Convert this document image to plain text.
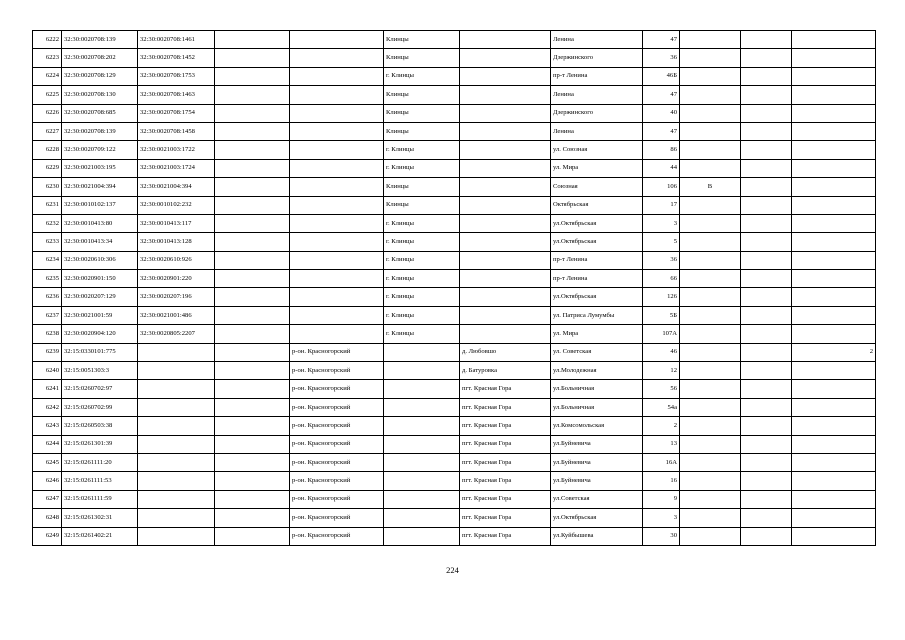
6222	32:30:0020708:139	32:30:0020708:1461			Клинцы		Ленина	47			
6223	32:30:0020708:202	32:30:0020708:1452			Клинцы		Дзержинского	36			
6224	32:30:0020708:129	32:30:0020708:1753			г. Клинцы		пр-т Ленина	46Б			
6225	32:30:0020708:130	32:30:0020708:1463			Клинцы		Ленина	47			
6226	32:30:0020708:685	32:30:0020708:1754			Клинцы		Дзержинского	40			
6227	32:30:0020708:139	32:30:0020708:1458			Клинцы		Ленина	47			
6228	32:30:0020709:122	32:30:0021003:1722			г. Клинцы		ул. Союзная	86			
6229	32:30:0021003:195	32:30:0021003:1724			г. Клинцы		ул. Мира	44			
6230	32:30:0021004:394	32:30:0021004:394			Клинцы		Союзная	106	В		
6231	32:30:0010102:137	32:30:0010102:232			Клинцы		Октябрьская	17			
6232	32:30:0010413:80	32:30:0010413:117			г. Клинцы		ул.Октябрьская	3			
6233	32:30:0010413:34	32:30:0010413:128			г. Клинцы		ул.Октябрьская	5			
6234	32:30:0020610:306	32:30:0020610:926			г. Клинцы		пр-т Ленина	36			
6235	32:30:0020901:150	32:30:0020901:220			г. Клинцы		пр-т Ленина	66			
6236	32:30:0020207:129	32:30:0020207:196			г. Клинцы		ул.Октябрьская	126			
6237	32:30:0021001:59	32:30:0021001:486			г. Клинцы		ул. Патриса Лумумбы	5Б			
6238	32:30:0020904:120	32:30:0020805:2207			г. Клинцы		ул. Мира	107А			
6239	32:15:0330101:775			р-он. Красногорский		д. Любовшо	ул. Советская	46			2
6240	32:15:0051303:3			р-он. Красногорский		д. Батуровка	ул.Молодежная	12			
6241	32:15:0260702:97			р-он. Красногорский		пгт. Красная Гора	ул.Больничная	56			
6242	32:15:0260702:99			р-он. Красногорский		пгт. Красная Гора	ул.Больничная	54а			
6243	32:15:0260503:38			р-он. Красногорский		пгт. Красная Гора	ул.Комсомольская	2			
6244	32:15:0261301:39			р-он. Красногорский		пгт. Красная Гора	ул.Буйневича	13			
6245	32:15:0261111:20			р-он. Красногорский		пгт. Красная Гора	ул.Буйневича	16А			
6246	32:15:0261111:53			р-он. Красногорский		пгт. Красная Гора	ул.Буйневича	16			
6247	32:15:0261111:59			р-он. Красногорский		пгт. Красная Гора	ул.Советская	9			
6248	32:15:0261302:31			р-он. Красногорский		пгт. Красная Гора	ул.Октябрьская	3			
6249	32:15:0261402:21			р-он. Красногорский		пгт. Красная Гора	ул.Куйбышева	30			
224
